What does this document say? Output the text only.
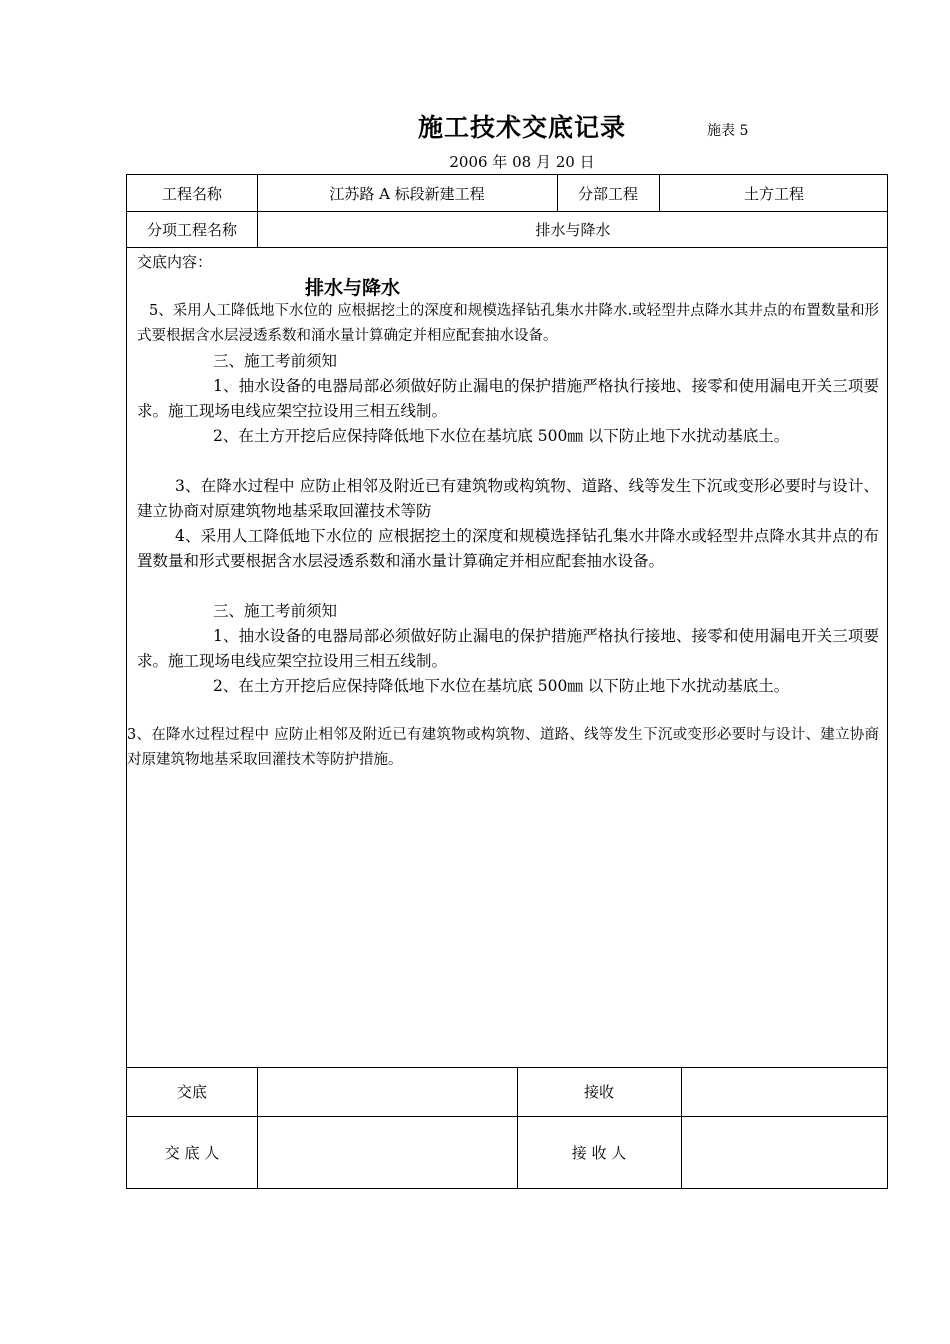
施工技术交底记录	施表 5
2006 年 08 月 20 日
工程名称	江苏路 A 标段新建工程	分部工程	土方工程
分项工程名称	排水与降水
交底内容：
排水与降水
5、采用人工降低地下水位的 应根据挖土的深度和规模选择钻孔集水井降水.或轻型井点降水其井点的布置数量和形式要根据含水层浸透系数和涌水量计算确定并相应配套抽水设备。
三、施工考前须知
1、抽水设备的电器局部必须做好防止漏电的保护措施严格执行接地、接零和使用漏电开关三项要求。施工现场电线应架空拉设用三相五线制。
2、在土方开挖后应保持降低地下水位在基坑底 500㎜ 以下防止地下水扰动基底土。
3、在降水过程中 应防止相邻及附近已有建筑物或构筑物、道路、线等发生下沉或变形必要时与设计、建立协商对原建筑物地基采取回灌技术等防
4、采用人工降低地下水位的 应根据挖土的深度和规模选择钻孔集水井降水或轻型井点降水其井点的布置数量和形式要根据含水层浸透系数和涌水量计算确定并相应配套抽水设备。
三、施工考前须知
1、抽水设备的电器局部必须做好防止漏电的保护措施严格执行接地、接零和使用漏电开关三项要求。施工现场电线应架空拉设用三相五线制。
2、在土方开挖后应保持降低地下水位在基坑底 500㎜ 以下防止地下水扰动基底土。
3、在降水过程过程中 应防止相邻及附近已有建筑物或构筑物、道路、线等发生下沉或变形必要时与设计、建立协商对原建筑物地基采取回灌技术等防护措施。
交底	接收
交 底 人	接 收 人
